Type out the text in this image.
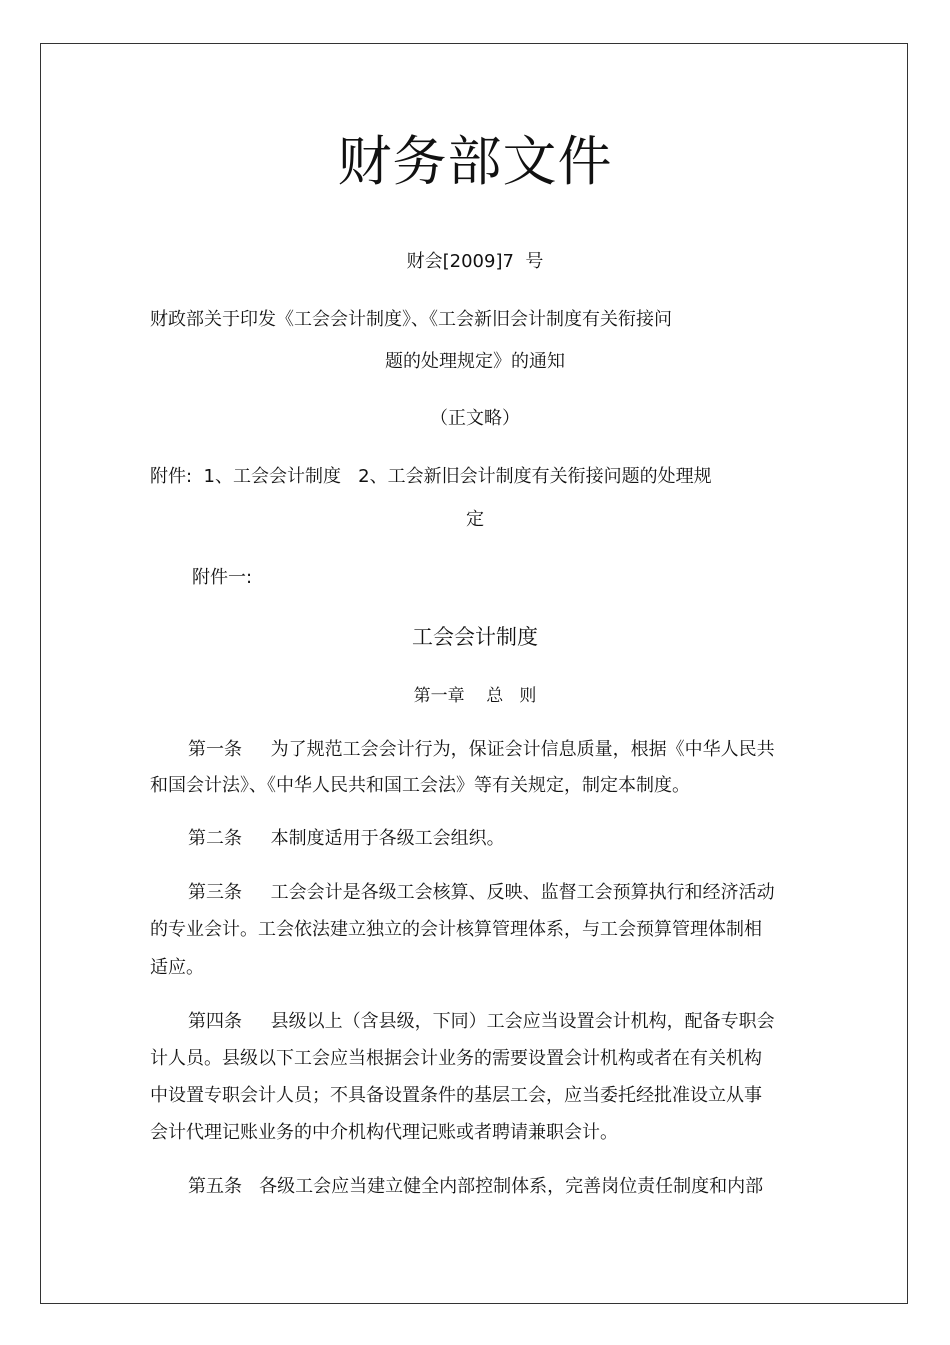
财务部文件
财会[2009]7  号
财政部关于印发《工会会计制度》、《工会新旧会计制度有关衔接问
题的处理规定》的通知
（正文略）
附件:  1、工会会计制度   2、工会新旧会计制度有关衔接问题的处理规
定
附件一:
工会会计制度
第一章    总   则
第一条     为了规范工会会计行为，保证会计信息质量，根据《中华人民共
和国会计法》、《中华人民共和国工会法》等有关规定，制定本制度。
第二条     本制度适用于各级工会组织。
第三条     工会会计是各级工会核算、反映、监督工会预算执行和经济活动
的专业会计。工会依法建立独立的会计核算管理体系，与工会预算管理体制相
适应。
第四条     县级以上（含县级，下同）工会应当设置会计机构，配备专职会
计人员。县级以下工会应当根据会计业务的需要设置会计机构或者在有关机构
中设置专职会计人员；不具备设置条件的基层工会，应当委托经批准设立从事
会计代理记账业务的中介机构代理记账或者聘请兼职会计。
第五条   各级工会应当建立健全内部控制体系，完善岗位责任制度和内部
